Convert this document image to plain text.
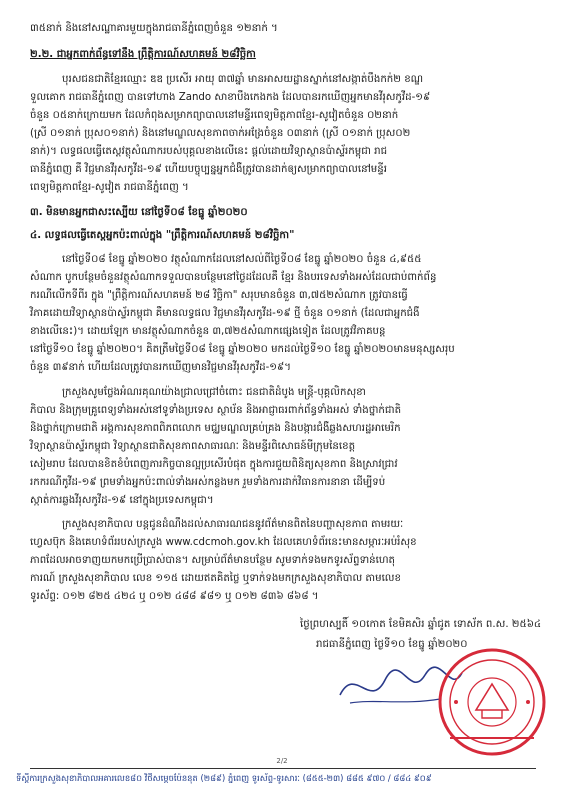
៣៥នាក់ និងនៅសណ្ឋាគារមួយក្នុងរាជធានីភ្នំពេញចំនួន ១២នាក់ ។
២.២. ជាអ្នកពាក់ព័ន្ធទៅនឹង ព្រឹត្តិការណ៍សហគមន៍ ២៨វិច្ឆិកា
បុរសជនជាតិខ្មែរឈ្មោះ ឌឌ ប្រសើរ អាយុ ៣៧ឆ្នាំ មានអាសយដ្ឋានស្នាក់នៅសង្កាត់បឹងកក់២ ខណ្ឌ
ទួលគោក រាជធានីភ្នំពេញ បានទៅហាង Zando សាខាបឹងកេងកង ដែលបានរកឃើញអ្នកមានវីរុសកូវីដ-១៩
ចំនួន ០៥នាក់ក្រោយមក ដែលកំពុងសម្រាកព្យាបាលនៅមន្ទីរពេទ្យមិត្តភាពខ្មែរ-សូវៀតចំនួន ០២នាក់
(ស្រី ០១នាក់ ប្រុស០១នាក់) និងនៅមណ្ឌលសុខភាពចាក់អង្រែចំនួន ០៣នាក់ (ស្រី ០១នាក់ ប្រុស០២
នាក់)។ លទ្ធផលធ្វើតេស្តវត្ថុសំណាករបស់បុគ្គលខាងលើនេះ ផ្តល់ដោយវិទ្យាស្ថានប៉ាស្ទ័រកម្ពុជា រាជ
ធានីភ្នំពេញ គឺ វិជ្ជមានវីរុសកូវីដ-១៩ ហើយបច្ចុប្បន្នអ្នកជំងឺត្រូវបានដាក់ឲ្យសម្រាកព្យាបាលនៅមន្ទីរ
ពេទ្យមិត្តភាពខ្មែរ-សូវៀត រាជធានីភ្នំពេញ ។
៣. មិនមានអ្នកជាសះស្បើយ នៅថ្ងៃទី០៨ ខែធ្នូ ឆ្នាំ២០២០
៤. លទ្ធផលធ្វើតេស្តអ្នកប៉ះពាល់ក្នុង "ព្រឹត្តិការណ៍សហគមន៍ ២៨វិច្ឆិកា"
នៅថ្ងៃទី០៨ ខែធ្នូ ឆ្នាំ២០២០ វត្ថុសំណាកដែលនៅសល់ពីថ្ងៃទី០៨ ខែធ្នូ ឆ្នាំ២០២០ ចំនួន ៤,៩៥៥
សំណាក បូកបន្ថែមចំនួនវត្ថុសំណាកទទួលបានបន្ថែមនៅថ្ងៃដដែលគឺ ខ្មែរ និងបរទេសទាំងអស់ដែលជាប់ពាក់ព័ន្ធ
ករណីលើកទីពីរ ក្នុង "ព្រឹត្តិការណ៍សហគមន៍ ២៨ វិច្ឆិកា" សរុបមានចំនួន ៣,៧៥២សំណាក ត្រូវបានធ្វើ
វិភាគដោយវិទ្យាស្ថានប៉ាស្ទ័រកម្ពុជា គឺមានលទ្ធផល វិជ្ជមានវីរុសកូវីដ-១៩ ថ្មី ចំនួន ០១នាក់ (ដែលជាអ្នកជំងឺ
ខាងលើនេះ)។ ដោយឡែក មានវត្ថុសំណាកចំនួន ៣,៧២៥សំណាកផ្សេងទៀត ដែលត្រូវវិភាគបន្ត
នៅថ្ងៃទី១០ ខែធ្នូ ឆ្នាំ២០២០។ គិតត្រឹមថ្ងៃទី០៨ ខែធ្នូ ឆ្នាំ២០២០ មកដល់ថ្ងៃទី១០ ខែធ្នូ ឆ្នាំ២០២០មានមនុស្សសរុប
ចំនួន ៣៩នាក់ ហើយដែលត្រូវបានរកឃើញមានវិជ្ជមានវីរុសកូវីដ-១៩។
ក្រសួងសូមថ្លែងអំណរគុណយ៉ាងជ្រាលជ្រៅចំពោះ ជនជាតិដំបូង មន្ត្រី-បុគ្គលិកសុខា
ភិបាល និងក្រុមគ្រូពេទ្យទាំងអស់នៅទូទាំងប្រទេស ស្ថាប័ន និងអាជ្ញាធរពាក់ព័ន្ធទាំងអស់ ទាំងថ្នាក់ជាតិ
និងថ្នាក់ក្រោមជាតិ អង្គការសុខភាពពិភពលោក មជ្ឈមណ្ឌលគ្រប់គ្រង និងបង្ការជំងឺឆ្លងសហរដ្ឋអាមេរិក
វិទ្យាស្ថានប៉ាស្ទ័រកម្ពុជា វិទ្យាស្ថានជាតិសុខភាពសាធារណៈ និងមន្ទីរពិសោធន៍មីក្រុមនៃខេត្ត
សៀមរាប ដែលបានខិតខំបំពេញភារកិច្ចបានល្អប្រសើរបំផុត ក្នុងការជួយពិនិត្យសុខភាព និងស្រាវជ្រាវ
រកករណីកូវីដ-១៩ ព្រមទាំងអ្នកប៉ះពាល់ទាំងអស់កន្លងមក រួមទាំងការដាក់វិធានការនានា ដើម្បីទប់
ស្កាត់ការឆ្លងវីរុសកូវីដ-១៩ នៅក្នុងប្រទេសកម្ពុជា។
ក្រសួងសុខាភិបាល បន្តជូនដំណឹងដល់សាធារណជននូវព័ត៌មានពិតនៃបញ្ហាសុខភាព តាមរយៈ
ហ្វេសប៊ុក និងគេហទំព័ររបស់ក្រសួង www.cdcmoh.gov.kh ដែលគេហទំព័រនេះមានសម្ភារៈអប់រំសុខ
ភាពដែលអាចទាញយកមកប្រើប្រាស់បាន។ សម្រាប់ព័ត៌មានបន្ថែម សូមទាក់ទងមកទូរស័ព្ទទាន់ហេតុ
ការណ៍ ក្រសួងសុខាភិបាល លេខ ១១៥ ដោយឥតគិតថ្លៃ ឬទាក់ទងមកក្រសួងសុខាភិបាល តាមលេខ
ទូរស័ព្ទ: ០១២ ៨២៥ ៤២៤ ឬ ០១២ ៤៨៨ ៩៨១ ឬ ០១២ ៨៣៦ ៨៦៨ ។
ថ្ងៃព្រហស្បតិ៍ ១០កោត ខែមិគសិរ ឆ្នាំជូត ទោស័ក ព.ស. ២៥៦៤
រាជធានីភ្នំពេញ ថ្ងៃទី១០ ខែធ្នូ ឆ្នាំ២០២០
2/2
ទីស្តីការក្រសួងសុខាភិបាលអគារលេខ៨០ វិថីសម្តេចប៉ែននុត (២៨៩) ភ្នំពេញ ទូរស័ព្ទ-ទូរសារៈ (៨៥៥-២៣) ៨៨៥ ៩៧០ / ៨៨៤ ៩០៩
